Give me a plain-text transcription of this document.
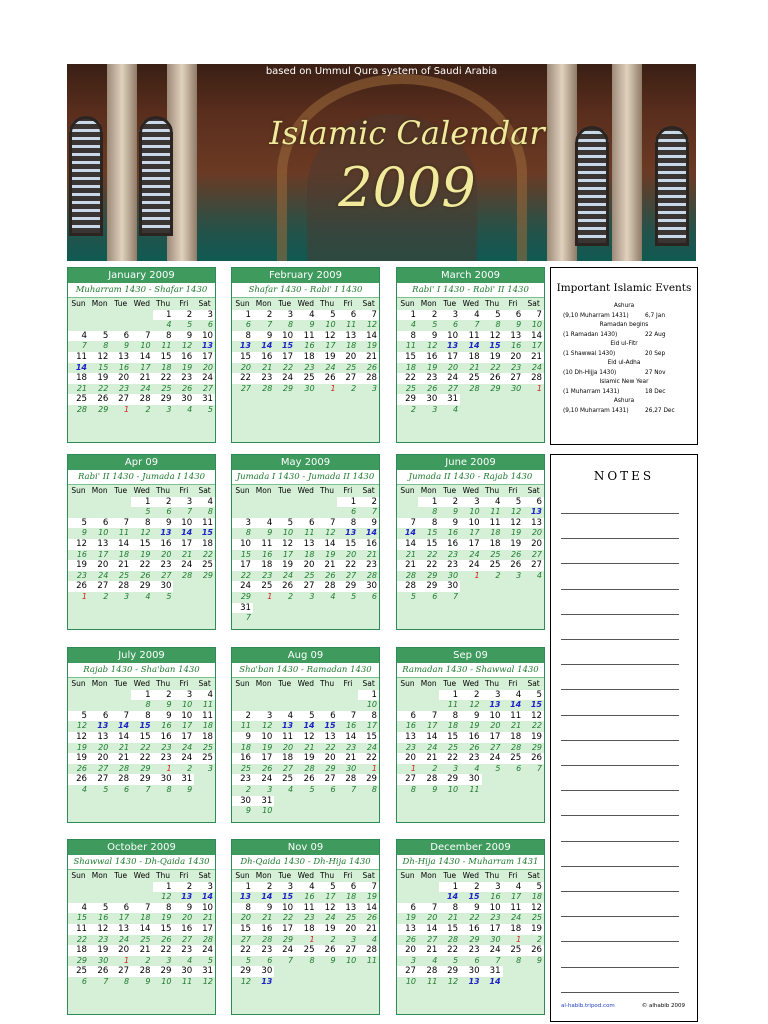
based on Ummul Qura system of Saudi Arabia
Islamic Calendar
2009
January 2009
Muharram 1430 - Shafar 1430
Sun	Mon	Tue	Wed	Thu	Fri	Sat
				1	2	3
				4	5	6
4	5	6	7	8	9	10
7	8	9	10	11	12	13
11	12	13	14	15	16	17
14	15	16	17	18	19	20
18	19	20	21	22	23	24
21	22	23	24	25	26	27
25	26	27	28	29	30	31
28	29	1	2	3	4	5
February 2009
Shafar 1430 - Rabi' I 1430
Sun	Mon	Tue	Wed	Thu	Fri	Sat
1	2	3	4	5	6	7
6	7	8	9	10	11	12
8	9	10	11	12	13	14
13	14	15	16	17	18	19
15	16	17	18	19	20	21
20	21	22	23	24	25	26
22	23	24	25	26	27	28
27	28	29	30	1	2	3
March 2009
Rabi' I 1430 - Rabi' II 1430
Sun	Mon	Tue	Wed	Thu	Fri	Sat
1	2	3	4	5	6	7
4	5	6	7	8	9	10
8	9	10	11	12	13	14
11	12	13	14	15	16	17
15	16	17	18	19	20	21
18	19	20	21	22	23	24
22	23	24	25	26	27	28
25	26	27	28	29	30	1
29	30	31				
2	3	4				
Apr 09
Rabi' II 1430 - Jumada I 1430
Sun	Mon	Tue	Wed	Thu	Fri	Sat
			1	2	3	4
			5	6	7	8
5	6	7	8	9	10	11
9	10	11	12	13	14	15
12	13	14	15	16	17	18
16	17	18	19	20	21	22
19	20	21	22	23	24	25
23	24	25	26	27	28	29
26	27	28	29	30		
1	2	3	4	5		
May 2009
Jumada I 1430 - Jumada II 1430
Sun	Mon	Tue	Wed	Thu	Fri	Sat
					1	2
					6	7
3	4	5	6	7	8	9
8	9	10	11	12	13	14
10	11	12	13	14	15	16
15	16	17	18	19	20	21
17	18	19	20	21	22	23
22	23	24	25	26	27	28
24	25	26	27	28	29	30
29	1	2	3	4	5	6
31						
7						
June 2009
Jumada II 1430 - Rajab 1430
Sun	Mon	Tue	Wed	Thu	Fri	Sat
	1	2	3	4	5	6
	8	9	10	11	12	13
7	8	9	10	11	12	13
14	15	16	17	18	19	20
14	15	16	17	18	19	20
21	22	23	24	25	26	27
21	22	23	24	25	26	27
28	29	30	1	2	3	4
28	29	30				
5	6	7				
July 2009
Rajab 1430 - Sha'ban 1430
Sun	Mon	Tue	Wed	Thu	Fri	Sat
			1	2	3	4
			8	9	10	11
5	6	7	8	9	10	11
12	13	14	15	16	17	18
12	13	14	15	16	17	18
19	20	21	22	23	24	25
19	20	21	22	23	24	25
26	27	28	29	1	2	3
26	27	28	29	30	31	
4	5	6	7	8	9	
Aug 09
Sha'ban 1430 - Ramadan 1430
Sun	Mon	Tue	Wed	Thu	Fri	Sat
						1
						10
2	3	4	5	6	7	8
11	12	13	14	15	16	17
9	10	11	12	13	14	15
18	19	20	21	22	23	24
16	17	18	19	20	21	22
25	26	27	28	29	30	1
23	24	25	26	27	28	29
2	3	4	5	6	7	8
30	31					
9	10					
Sep 09
Ramadan 1430 - Shawwal 1430
Sun	Mon	Tue	Wed	Thu	Fri	Sat
		1	2	3	4	5
		11	12	13	14	15
6	7	8	9	10	11	12
16	17	18	19	20	21	22
13	14	15	16	17	18	19
23	24	25	26	27	28	29
20	21	22	23	24	25	26
1	2	3	4	5	6	7
27	28	29	30			
8	9	10	11			
October 2009
Shawwal 1430 - Dh-Qaida 1430
Sun	Mon	Tue	Wed	Thu	Fri	Sat
				1	2	3
				12	13	14
4	5	6	7	8	9	10
15	16	17	18	19	20	21
11	12	13	14	15	16	17
22	23	24	25	26	27	28
18	19	20	21	22	23	24
29	30	1	2	3	4	5
25	26	27	28	29	30	31
6	7	8	9	10	11	12
Nov 09
Dh-Qaida 1430 - Dh-Hija 1430
Sun	Mon	Tue	Wed	Thu	Fri	Sat
1	2	3	4	5	6	7
13	14	15	16	17	18	19
8	9	10	11	12	13	14
20	21	22	23	24	25	26
15	16	17	18	19	20	21
27	28	29	1	2	3	4
22	23	24	25	26	27	28
5	6	7	8	9	10	11
29	30					
12	13					
December 2009
Dh-Hija 1430 - Muharram 1431
Sun	Mon	Tue	Wed	Thu	Fri	Sat
		1	2	3	4	5
		14	15	16	17	18
6	7	8	9	10	11	12
19	20	21	22	23	24	25
13	14	15	16	17	18	19
26	27	28	29	30	1	2
20	21	22	23	24	25	26
3	4	5	6	7	8	9
27	28	29	30	31		
10	11	12	13	14		
Important Islamic Events
Ashura
(9,10 Muharram 1431)	6,7 Jan
Ramadan begins
(1 Ramadan 1430)	22 Aug
Eid ul-Fitr
(1 Shawwal 1430)	20 Sep
Eid ul-Adha
(10 Dh-Hijja 1430)	27 Nov
Islamic New Year
(1 Muharram 1431)	18 Dec
Ashura
(9,10 Muharram 1431)	26,27 Dec
NOTES
al-habib.tripod.com	© alhabib 2009
